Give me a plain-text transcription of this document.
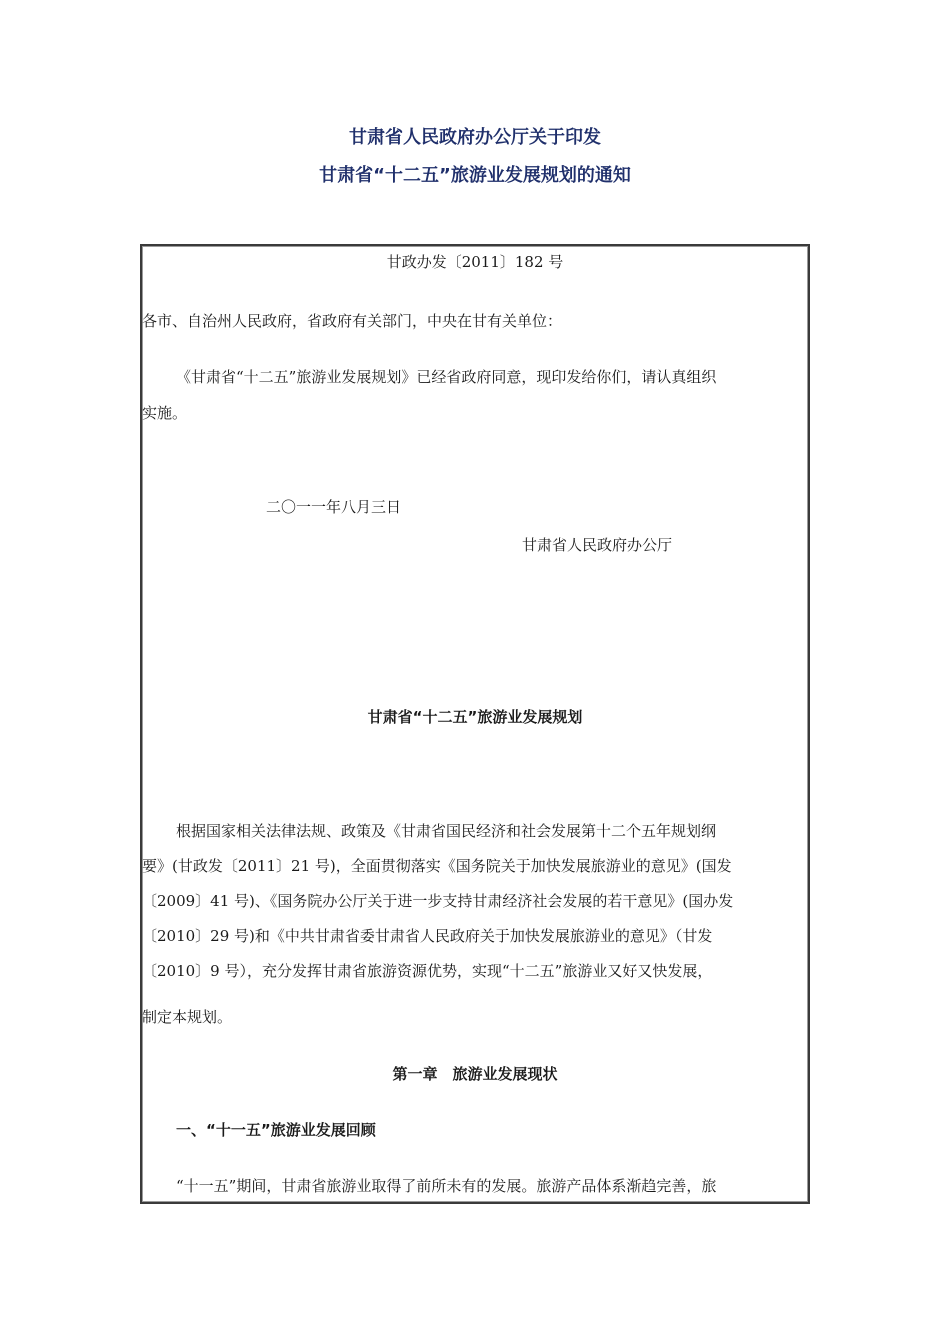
甘肃省人民政府办公厅关于印发
甘肃省“十二五”旅游业发展规划的通知
甘政办发〔2011〕182 号
各市、自治州人民政府，省政府有关部门，中央在甘有关单位：
《甘肃省“十二五”旅游业发展规划》已经省政府同意，现印发给你们，请认真组织
实施。
二〇一一年八月三日
甘肃省人民政府办公厅
甘肃省“十二五”旅游业发展规划
根据国家相关法律法规、政策及《甘肃省国民经济和社会发展第十二个五年规划纲
要》(甘政发〔2011〕21 号)，全面贯彻落实《国务院关于加快发展旅游业的意见》(国发
〔2009〕41 号)、《国务院办公厅关于进一步支持甘肃经济社会发展的若干意见》(国办发
〔2010〕29 号)和《中共甘肃省委甘肃省人民政府关于加快发展旅游业的意见》（甘发
〔2010〕9 号），充分发挥甘肃省旅游资源优势，实现“十二五”旅游业又好又快发展，
制定本规划。
第一章　旅游业发展现状
一、“十一五”旅游业发展回顾
“十一五”期间，甘肃省旅游业取得了前所未有的发展。旅游产品体系渐趋完善，旅
